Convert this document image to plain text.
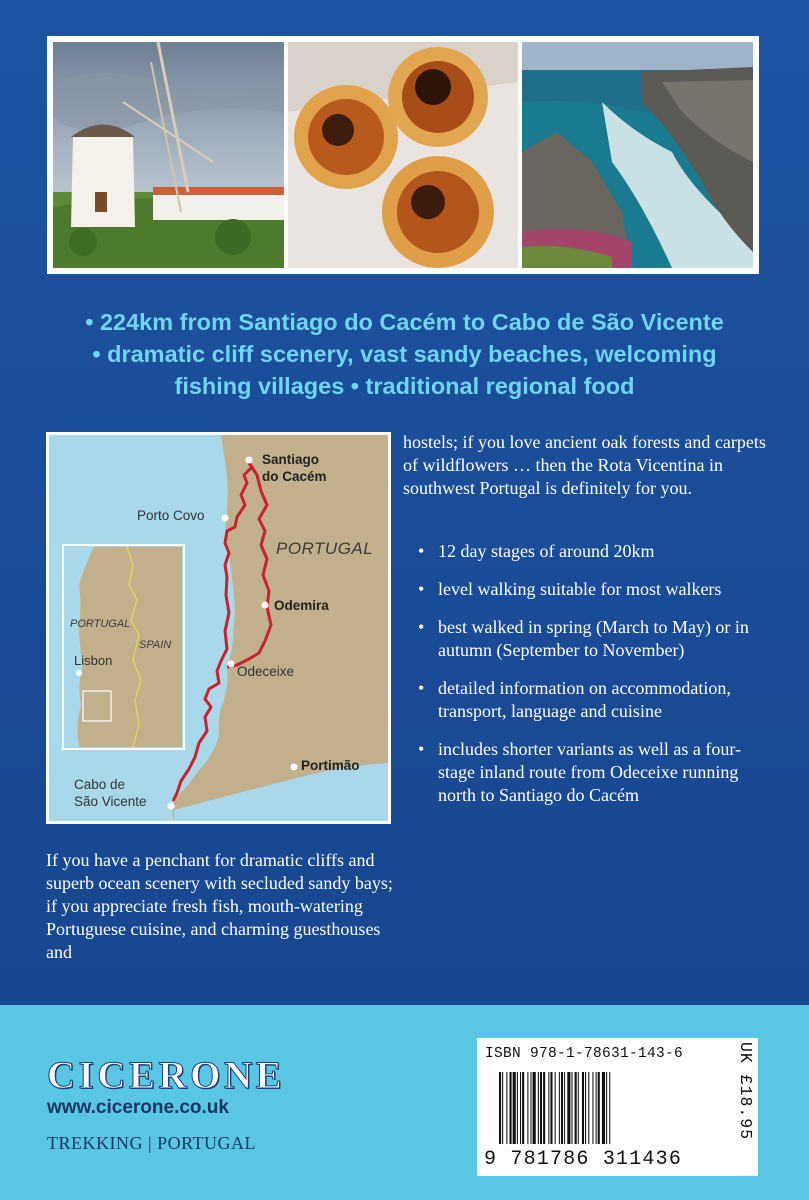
• 224km from Santiago do Cacém to Cabo de São Vicente
• dramatic cliff scenery, vast sandy beaches, welcoming
fishing villages • traditional regional food
Santiago
do Cacém
Porto Covo
PORTUGAL
Odemira
Odeceixe
Portimão
Cabo de
São Vicente
PORTUGAL
SPAIN
Lisbon
hostels; if you love ancient oak forests and carpets of wildflowers … then the Rota Vicentina in southwest Portugal is definitely for you.
• 12 day stages of around 20km
• level walking suitable for most walkers
• best walked in spring (March to May) or in autumn (September to November)
• detailed information on accommodation, transport, language and cuisine
• includes shorter variants as well as a four-stage inland route from Odeceixe running north to Santiago do Cacém
If you have a penchant for dramatic cliffs and superb ocean scenery with secluded sandy bays; if you appreciate fresh fish, mouth-watering Portuguese cuisine, and charming guesthouses and
CICERONE
www.cicerone.co.uk
TREKKING | PORTUGAL
ISBN 978-1-78631-143-6
9 781786 311436
UK £18.95
